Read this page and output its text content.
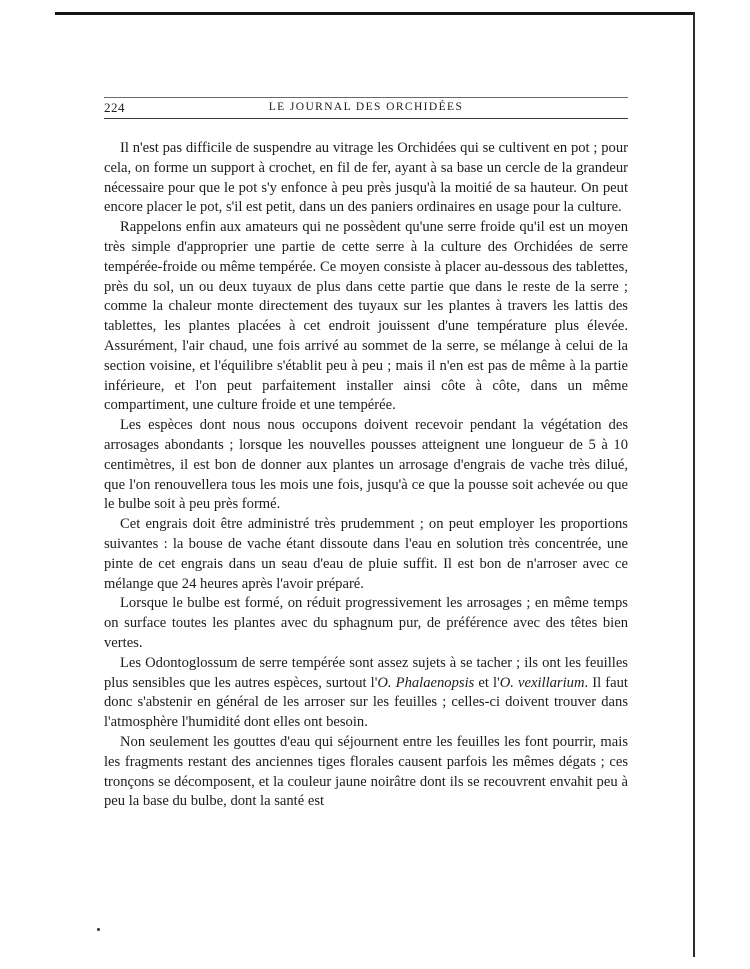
224	LE JOURNAL DES ORCHIDÉES

Il n'est pas difficile de suspendre au vitrage les Orchidées qui se cultivent en pot ; pour cela, on forme un support à crochet, en fil de fer, ayant à sa base un cercle de la grandeur nécessaire pour que le pot s'y enfonce à peu près jusqu'à la moitié de sa hauteur. On peut encore placer le pot, s'il est petit, dans un des paniers ordinaires en usage pour la culture.

Rappelons enfin aux amateurs qui ne possèdent qu'une serre froide qu'il est un moyen très simple d'approprier une partie de cette serre à la culture des Orchidées de serre tempérée-froide ou même tempérée. Ce moyen consiste à placer au-dessous des tablettes, près du sol, un ou deux tuyaux de plus dans cette partie que dans le reste de la serre ; comme la chaleur monte directement des tuyaux sur les plantes à travers les lattis des tablettes, les plantes placées à cet endroit jouissent d'une température plus élevée. Assurément, l'air chaud, une fois arrivé au sommet de la serre, se mélange à celui de la section voisine, et l'équilibre s'établit peu à peu ; mais il n'en est pas de même à la partie inférieure, et l'on peut parfaitement installer ainsi côte à côte, dans un même compartiment, une culture froide et une tempérée.

Les espèces dont nous nous occupons doivent recevoir pendant la végétation des arrosages abondants ; lorsque les nouvelles pousses atteignent une longueur de 5 à 10 centimètres, il est bon de donner aux plantes un arrosage d'engrais de vache très dilué, que l'on renouvellera tous les mois une fois, jusqu'à ce que la pousse soit achevée ou que le bulbe soit à peu près formé.

Cet engrais doit être administré très prudemment ; on peut employer les proportions suivantes : la bouse de vache étant dissoute dans l'eau en solution très concentrée, une pinte de cet engrais dans un seau d'eau de pluie suffit. Il est bon de n'arroser avec ce mélange que 24 heures après l'avoir préparé.

Lorsque le bulbe est formé, on réduit progressivement les arrosages ; en même temps on surface toutes les plantes avec du sphagnum pur, de préférence avec des têtes bien vertes.

Les Odontoglossum de serre tempérée sont assez sujets à se tacher ; ils ont les feuilles plus sensibles que les autres espèces, surtout l'O. Phalaenopsis et l'O. vexillarium. Il faut donc s'abstenir en général de les arroser sur les feuilles ; celles-ci doivent trouver dans l'atmosphère l'humidité dont elles ont besoin.

Non seulement les gouttes d'eau qui séjournent entre les feuilles les font pourrir, mais les fragments restant des anciennes tiges florales causent parfois les mêmes dégats ; ces tronçons se décomposent, et la couleur jaune noirâtre dont ils se recouvrent envahit peu à peu la base du bulbe, dont la santé est
